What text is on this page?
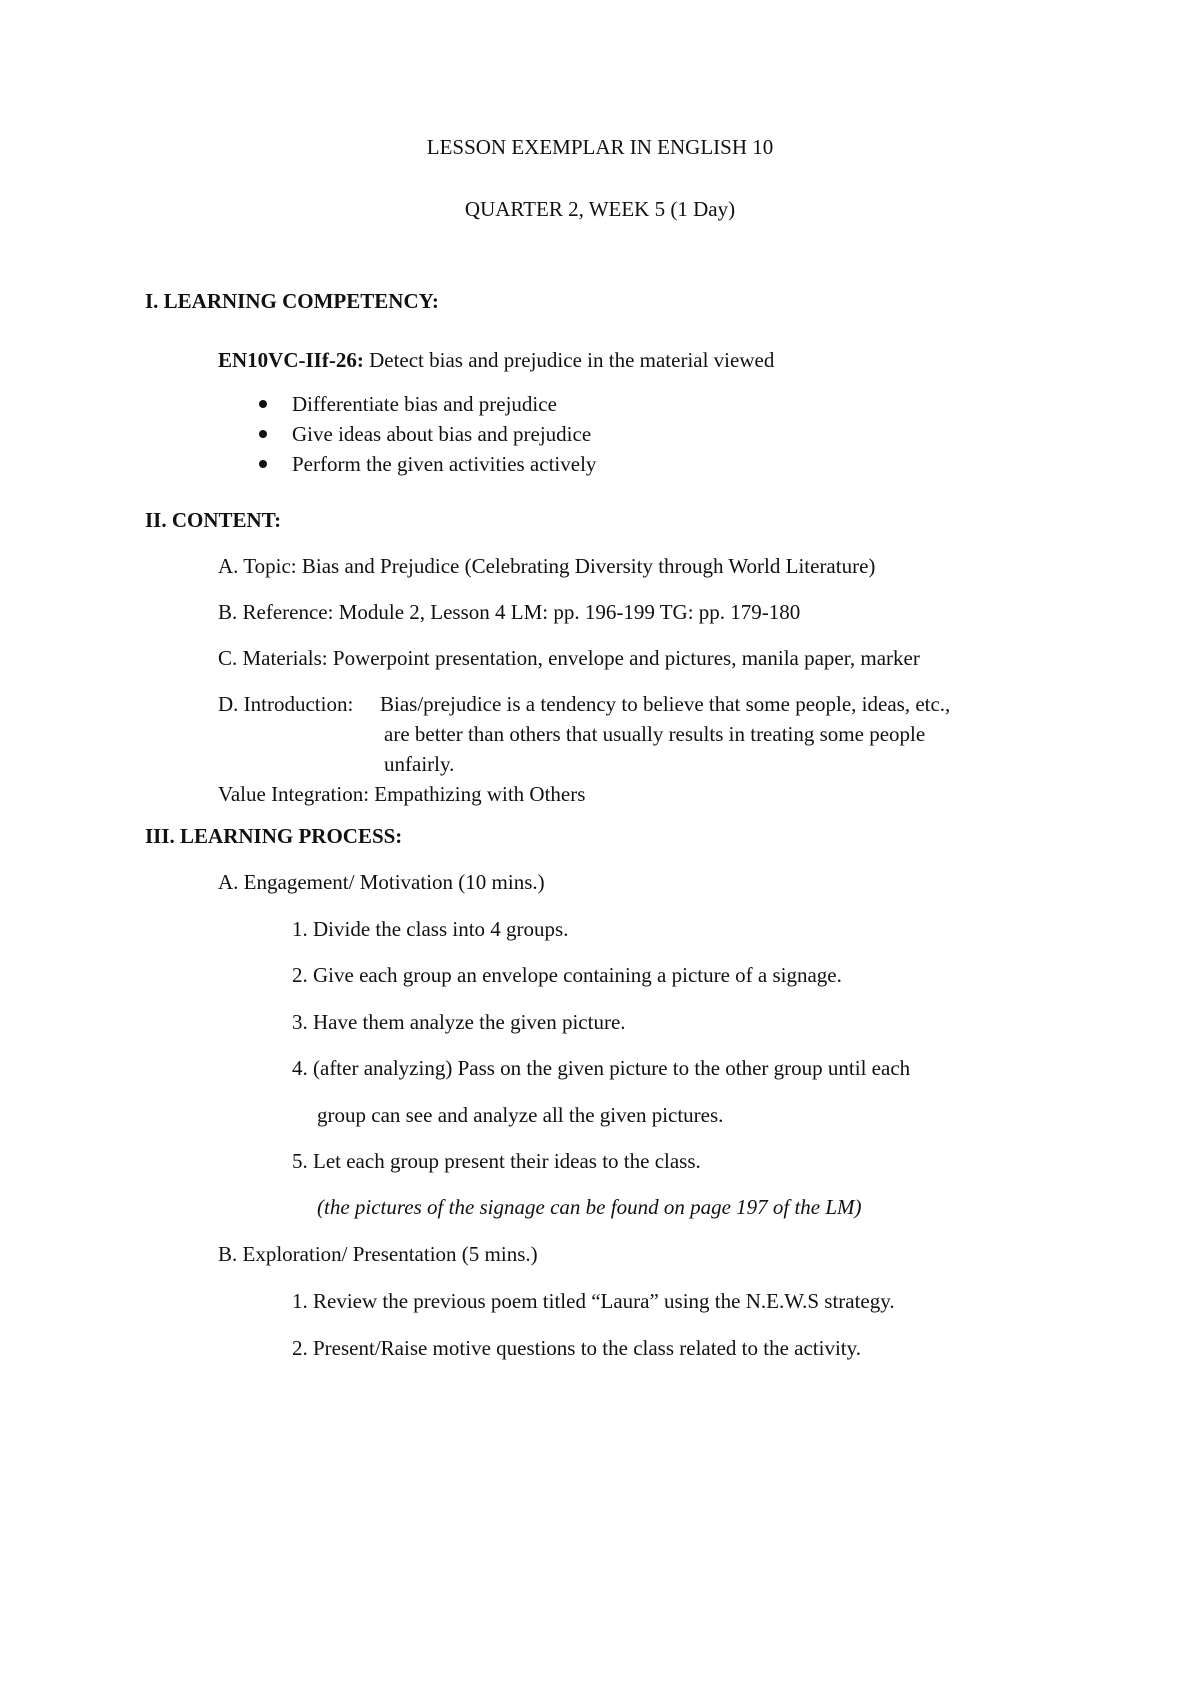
LESSON EXEMPLAR IN ENGLISH 10
QUARTER 2, WEEK 5 (1 Day)
I. LEARNING COMPETENCY:
EN10VC-IIf-26: Detect bias and prejudice in the material viewed
Differentiate bias and prejudice
Give ideas about bias and prejudice
Perform the given activities actively
II. CONTENT:
A. Topic: Bias and Prejudice (Celebrating Diversity through World Literature)
B. Reference: Module 2, Lesson 4 LM: pp. 196-199 TG: pp. 179-180
C. Materials: Powerpoint presentation, envelope and pictures, manila paper, marker
D. Introduction: Bias/prejudice is a tendency to believe that some people, ideas, etc.,
are better than others that usually results in treating some people
unfairly.
Value Integration: Empathizing with Others
III. LEARNING PROCESS:
A. Engagement/ Motivation (10 mins.)
1. Divide the class into 4 groups.
2. Give each group an envelope containing a picture of a signage.
3. Have them analyze the given picture.
4. (after analyzing) Pass on the given picture to the other group until each
group can see and analyze all the given pictures.
5. Let each group present their ideas to the class.
(the pictures of the signage can be found on page 197 of the LM)
B. Exploration/ Presentation (5 mins.)
1. Review the previous poem titled “Laura” using the N.E.W.S strategy.
2. Present/Raise motive questions to the class related to the activity.
